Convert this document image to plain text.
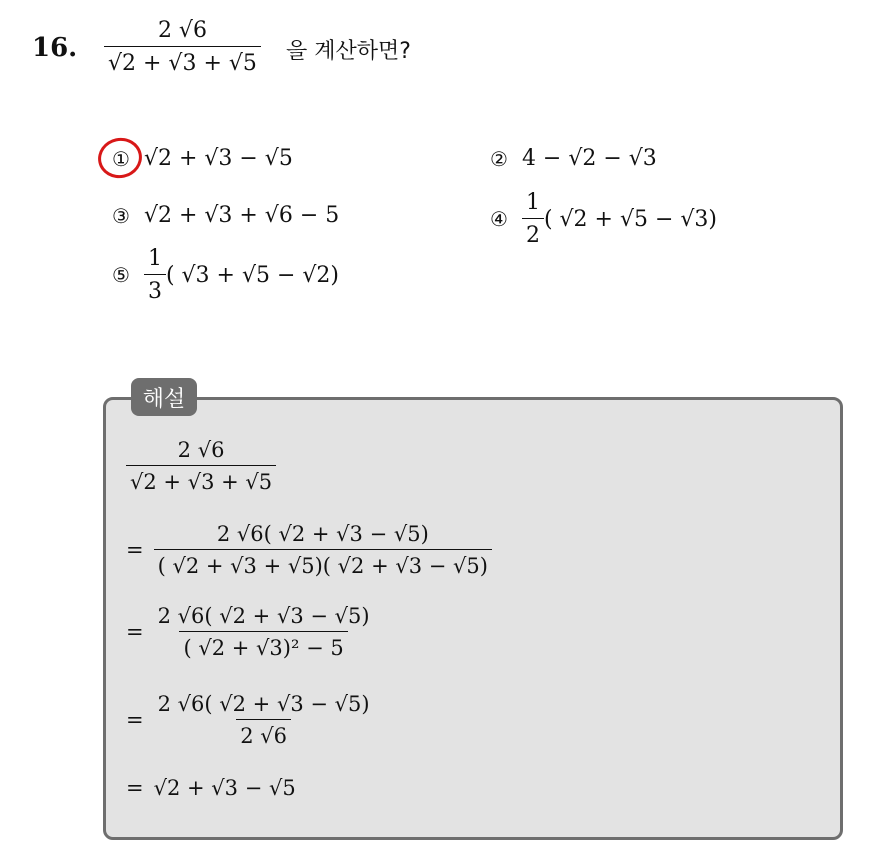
16. $\frac{2 √6}{√2 + √3 + √5}$ 을 계산하면?
① √2 + √3 − √5	② 4 − √2 − √3
③ √2 + √3 + √6 − 5	④ $\frac{1}{2}$ ( √2 + √5 − √3)
⑤ $\frac{1}{3}$ ( √3 + √5 − √2)
해설
$\frac{2 √6}{√2 + √3 + √5}$
= $\frac{2 √6( √2 + √3 - √5)}{( √2 + √3 + √5)( √2 + √3 - √5)}$
= $\frac{2 √6( √2 + √3 - √5)}{\text{( √2 + √3)² − 5}}$
= $\frac{2 √6( √2 + √3 - √5)}{2 √6}$
= √2 + √3 − √5
